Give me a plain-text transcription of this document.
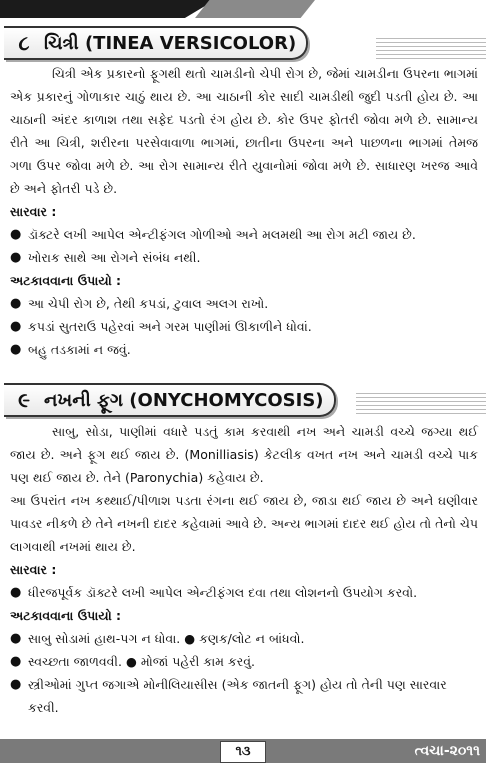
૮ ચિત્રી (TINEA VERSICOLOR)

ચિત્રી એક પ્રકારનો ફૂગથી થતો ચામડીનો ચેપી રોગ છે, જેમાં ચામડીના ઉપરના ભાગમાં એક પ્રકારનું ગોળાકાર ચાઠું થાય છે. આ ચાઠાની કોર સાદી ચામડીથી જુદી પડતી હોય છે. આ ચાઠાની અંદર કાળાશ તથા સફેદ પડતો રંગ હોય છે. કોર ઉપર ફોતરી જોવા મળે છે. સામાન્ય રીતે આ ચિત્રી, શરીરના પરસેવાવાળા ભાગમાં, છાતીના ઉપરના અને પાછળના ભાગમાં તેમજ ગળા ઉપર જોવા મળે છે. આ રોગ સામાન્ય રીતે યુવાનોમાં જોવા મળે છે. સાધારણ ખરજ આવે છે અને ફોતરી પડે છે.

સારવાર :

● ડૉક્ટરે લખી આપેલ એન્ટીફંગલ ગોળીઓ અને મલમથી આ રોગ મટી જાય છે.
● ખોરાક સાથે આ રોગને સંબંધ નથી.

અટકાવવાના ઉપાયો :

● આ ચેપી રોગ છે, તેથી કપડાં, ટુવાલ અલગ રાખો.
● કપડાં સુતરાઉ પહેરવાં અને ગરમ પાણીમાં ઊકાળીને ધોવાં.
● બહુ તડકામાં ન જવું.
૯ નખની ફૂગ (ONYCHOMYCOSIS)

સાબુ, સોડા, પાણીમાં વધારે પડતું કામ કરવાથી નખ અને ચામડી વચ્ચે જગ્યા થઈ જાય છે. અને ફૂગ થઈ જાય છે. (Monilliasis) કેટલીક વખત નખ અને ચામડી વચ્ચે પાક પણ થઈ જાય છે. તેને (Paronychia) કહેવાય છે.

આ ઉપરાંત નખ કથ્થાઈ/પીળાશ પડતા રંગના થઈ જાય છે, જાડા થઈ જાય છે અને ઘણીવાર પાવડર નીકળે છે તેને નખની દાદર કહેવામાં આવે છે. અન્ય ભાગમાં દાદર થઈ હોય તો તેનો ચેપ લાગવાથી નખમાં થાય છે.

સારવાર :

● ધીરજપૂર્વક ડૉક્ટરે લખી આપેલ એન્ટીફંગલ દવા તથા લોશનનો ઉપયોગ કરવો.

અટકાવવાના ઉપાયો :

● સાબુ સોડામાં હાથ-પગ ન ધોવા. ● કણક/લોટ ન બાંધવો.
● સ્વચ્છતા જાળવવી. ● મોજાં પહેરી કામ કરવું.
● સ્ત્રીઓમાં ગુપ્ત જગાએ મોનીલિયાસીસ (એક જાતની ફૂગ) હોય તો તેની પણ સારવાર કરવી.
૧૩	ત્વચા-૨૦૧૧
